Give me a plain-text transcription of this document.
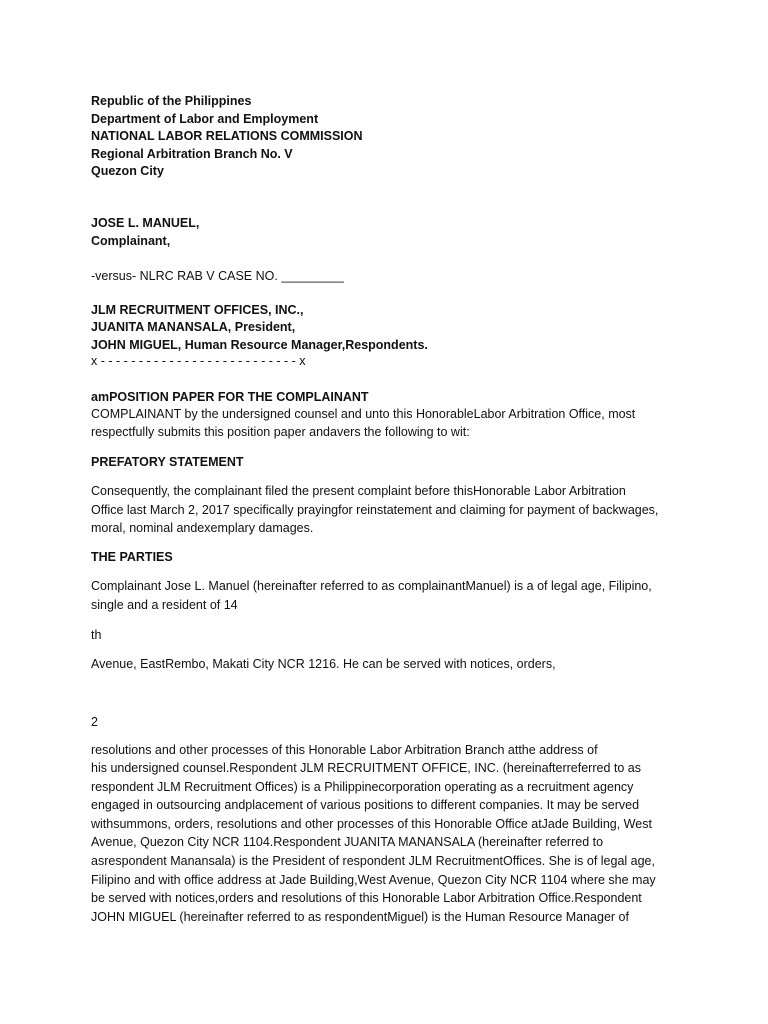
Republic of the Philippines
Department of Labor and Employment
NATIONAL LABOR RELATIONS COMMISSION
Regional Arbitration Branch No. V
Quezon City
JOSE L. MANUEL,
Complainant,
-versus- NLRC RAB V CASE NO. _________
JLM RECRUITMENT OFFICES, INC.,
JUANITA MANANSALA, President,
JOHN MIGUEL, Human Resource Manager,Respondents.
x - - - - - - - - - - - - - - - - - - - - - - - - - - x
amPOSITION PAPER FOR THE COMPLAINANT
COMPLAINANT by the undersigned counsel and unto this HonorableLabor Arbitration Office, most
respectfully submits this position paper andavers the following to wit:
PREFATORY STATEMENT
Consequently, the complainant filed the present complaint before thisHonorable Labor Arbitration
Office last March 2, 2017 specifically prayingfor reinstatement and claiming for payment of backwages,
moral, nominal andexemplary damages.
THE PARTIES
Complainant Jose L. Manuel (hereinafter referred to as complainantManuel) is a of legal age, Filipino,
single and a resident of 14
th
Avenue, EastRembo, Makati City NCR 1216. He can be served with notices, orders,
2
resolutions and other processes of this Honorable Labor Arbitration Branch atthe address of
his undersigned counsel.Respondent JLM RECRUITMENT OFFICE, INC. (hereinafterreferred to as
respondent JLM Recruitment Offices) is a Philippinecorporation operating as a recruitment agency
engaged in outsourcing andplacement of various positions to different companies. It may be served
withsummons, orders, resolutions and other processes of this Honorable Office atJade Building, West
Avenue, Quezon City NCR 1104.Respondent JUANITA MANANSALA (hereinafter referred to
asrespondent Manansala) is the President of respondent JLM RecruitmentOffices. She is of legal age,
Filipino and with office address at Jade Building,West Avenue, Quezon City NCR 1104 where she may
be served with notices,orders and resolutions of this Honorable Labor Arbitration Office.Respondent
JOHN MIGUEL (hereinafter referred to as respondentMiguel) is the Human Resource Manager of
